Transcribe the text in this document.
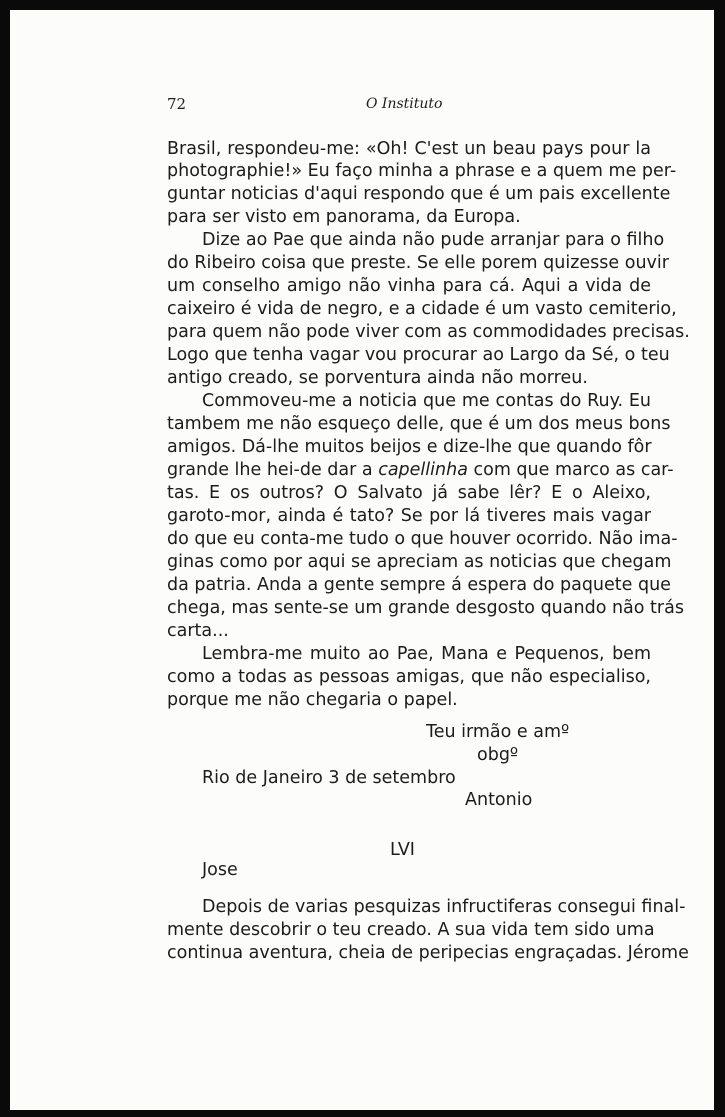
72	O Instituto
Brasil, respondeu-me: «Oh! C'est un beau pays pour la
photographie!» Eu faço minha a phrase e a quem me per-
guntar noticias d'aqui respondo que é um pais excellente
para ser visto em panorama, da Europa.
Dize ao Pae que ainda não pude arranjar para o filho
do Ribeiro coisa que preste. Se elle porem quizesse ouvir
um conselho amigo não vinha para cá. Aqui a vida de
caixeiro é vida de negro, e a cidade é um vasto cemiterio,
para quem não pode viver com as commodidades precisas.
Logo que tenha vagar vou procurar ao Largo da Sé, o teu
antigo creado, se porventura ainda não morreu.
Commoveu-me a noticia que me contas do Ruy. Eu
tambem me não esqueço delle, que é um dos meus bons
amigos. Dá-lhe muitos beijos e dize-lhe que quando fôr
grande lhe hei-de dar a capellinha com que marco as car-
tas. E os outros? O Salvato já sabe lêr? E o Aleixo,
garoto-mor, ainda é tato? Se por lá tiveres mais vagar
do que eu conta-me tudo o que houver ocorrido. Não ima-
ginas como por aqui se apreciam as noticias que chegam
da patria. Anda a gente sempre á espera do paquete que
chega, mas sente-se um grande desgosto quando não trás
carta...
Lembra-me muito ao Pae, Mana e Pequenos, bem
como a todas as pessoas amigas, que não especialiso,
porque me não chegaria o papel.
Teu irmão e amº
obgº
Rio de Janeiro 3 de setembro
Antonio
LVI
Jose
Depois de varias pesquizas infructiferas consegui final-
mente descobrir o teu creado. A sua vida tem sido uma
continua aventura, cheia de peripecias engraçadas. Jérome
